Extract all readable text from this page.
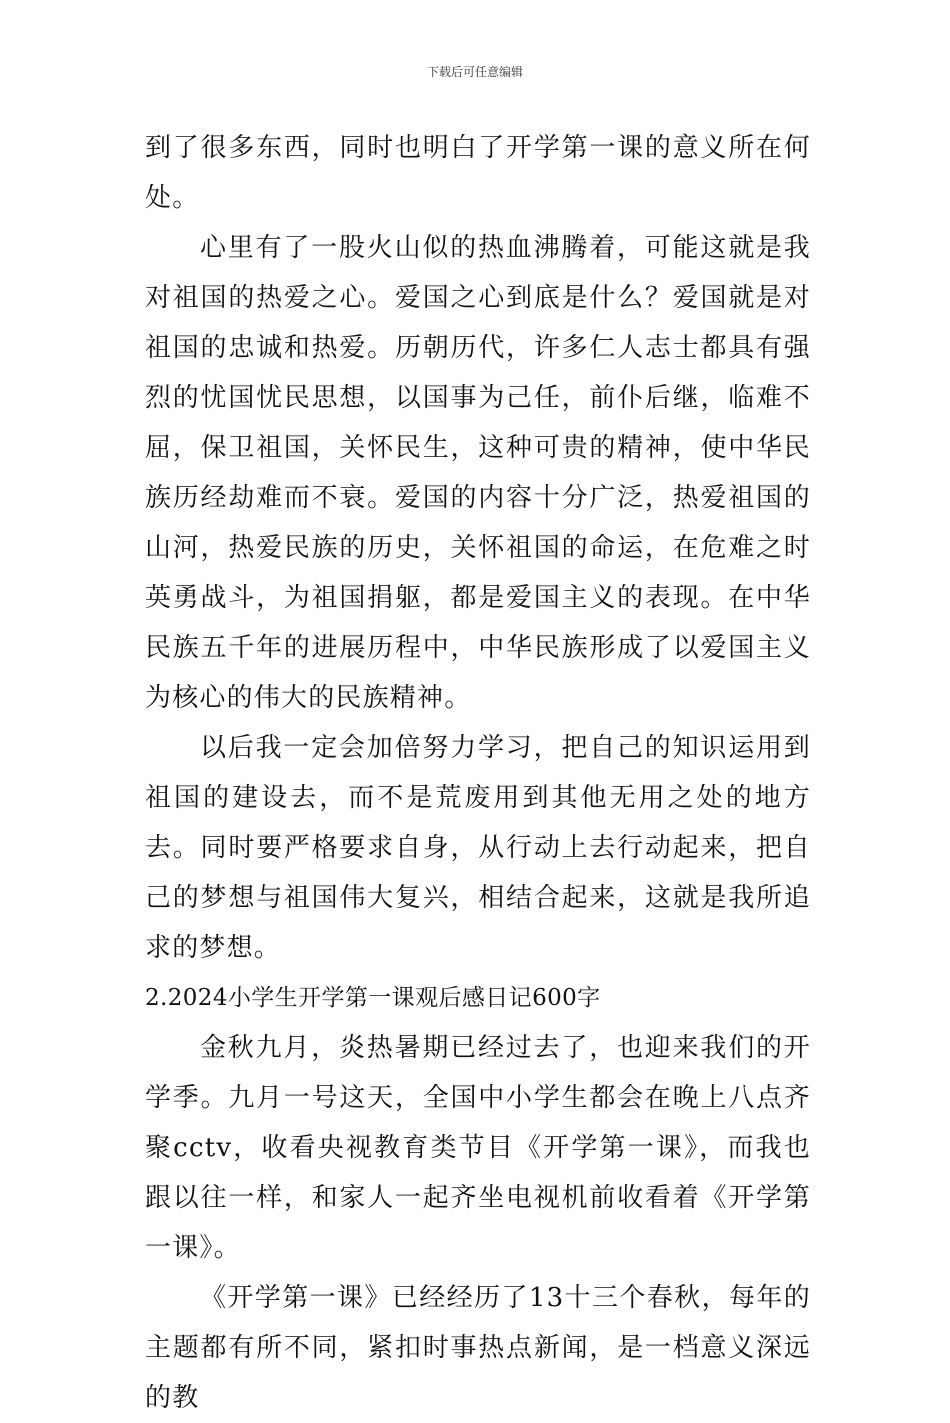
下载后可任意编辑

到了很多东西，同时也明白了开学第一课的意义所在何处。

心里有了一股火山似的热血沸腾着，可能这就是我对祖国的热爱之心。爱国之心到底是什么？爱国就是对祖国的忠诚和热爱。历朝历代，许多仁人志士都具有强烈的忧国忧民思想，以国事为己任，前仆后继，临难不屈，保卫祖国，关怀民生，这种可贵的精神，使中华民族历经劫难而不衰。爱国的内容十分广泛，热爱祖国的山河，热爱民族的历史，关怀祖国的命运，在危难之时英勇战斗，为祖国捐躯，都是爱国主义的表现。在中华民族五千年的进展历程中，中华民族形成了以爱国主义为核心的伟大的民族精神。

以后我一定会加倍努力学习，把自己的知识运用到祖国的建设去，而不是荒废用到其他无用之处的地方去。同时要严格要求自身，从行动上去行动起来，把自己的梦想与祖国伟大复兴，相结合起来，这就是我所追求的梦想。

2.2024小学生开学第一课观后感日记600字

金秋九月，炎热暑期已经过去了，也迎来我们的开学季。九月一号这天，全国中小学生都会在晚上八点齐聚cctv，收看央视教育类节目《开学第一课》，而我也跟以往一样，和家人一起齐坐电视机前收看着《开学第一课》。

《开学第一课》已经经历了13十三个春秋，每年的主题都有所不同，紧扣时事热点新闻，是一档意义深远的教
